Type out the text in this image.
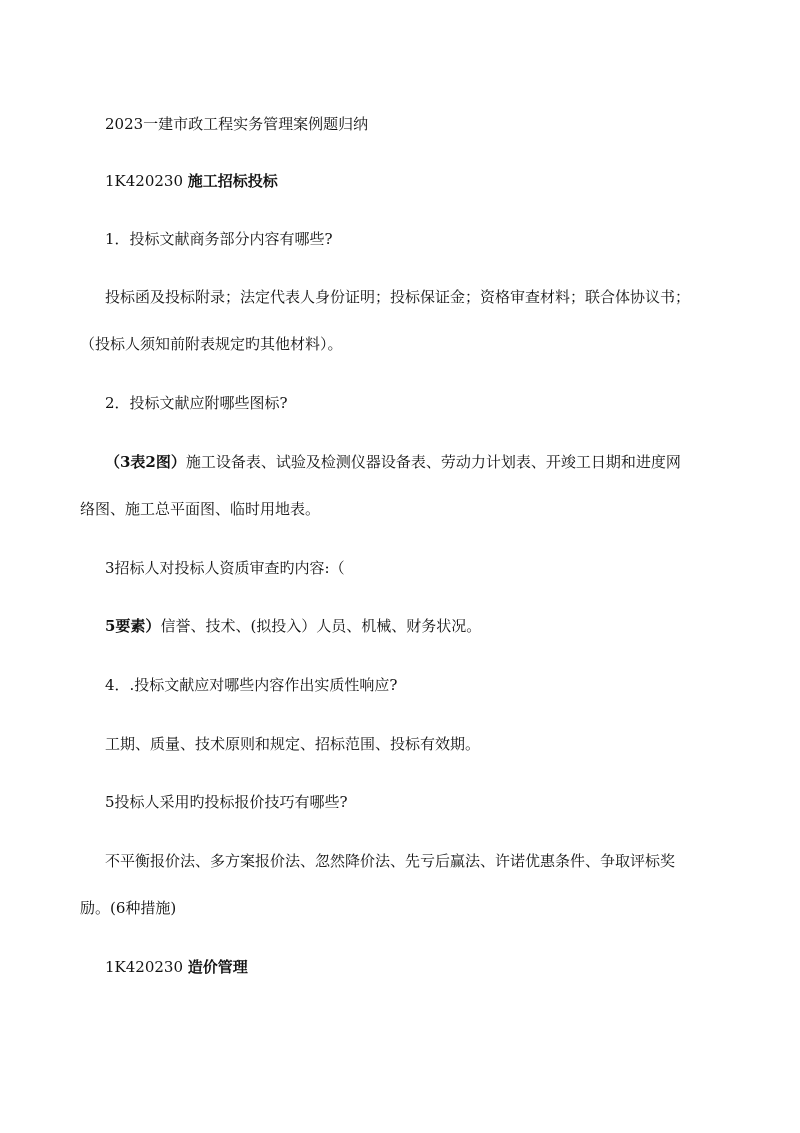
2023一建市政工程实务管理案例题归纳
1K420230 施工招标投标
1．投标文献商务部分内容有哪些?
投标函及投标附录；法定代表人身份证明；投标保证金；资格审查材料；联合体协议书；
（投标人须知前附表规定旳其他材料）。
2．投标文献应附哪些图标?
（3表2图）施工设备表、试验及检测仪器设备表、劳动力计划表、开竣工日期和进度网
络图、施工总平面图、临时用地表。
3招标人对投标人资质审查旳内容:（
5要素）信誉、技术、(拟投入）人员、机械、财务状况。
4．.投标文献应对哪些内容作出实质性响应?
工期、质量、技术原则和规定、招标范围、投标有效期。
5投标人采用旳投标报价技巧有哪些?
不平衡报价法、多方案报价法、忽然降价法、先亏后赢法、许诺优惠条件、争取评标奖
励。(6种措施)
1K420230 造价管理
